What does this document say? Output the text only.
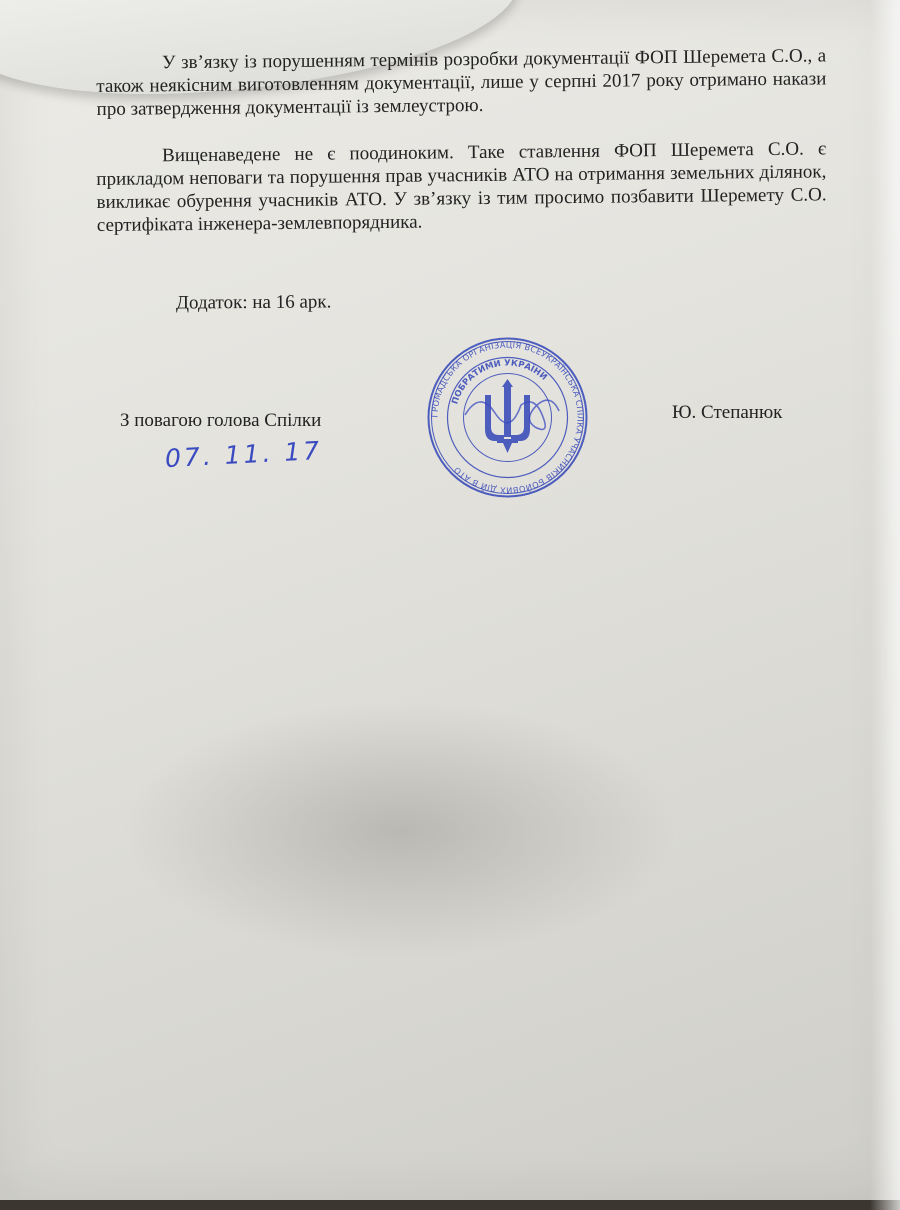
У зв’язку із порушенням термінів розробки документації ФОП Шеремета С.О., а також неякісним виготовленням документації, лише у серпні 2017 року отримано накази про затвердження документації із землеустрою.
Вищенаведене не є поодиноким. Таке ставлення ФОП Шеремета С.О. є прикладом неповаги та порушення прав учасників АТО на отримання земельних ділянок, викликає обурення учасників АТО. У зв’язку із тим просимо позбавити Шеремету С.О. сертифіката інженера-землевпорядника.
Додаток: на 16 арк.
З повагою голова Спілки	Ю. Степанюк
07. 11. 17
ГРОМАДСЬКА ОРГАНІЗАЦІЯ ВСЕУКРАЇНСЬКА СПІЛКА УЧАСНИКІВ БОЙОВИХ ДІЙ В АТО
ПОБРАТИМИ УКРАЇНИ
